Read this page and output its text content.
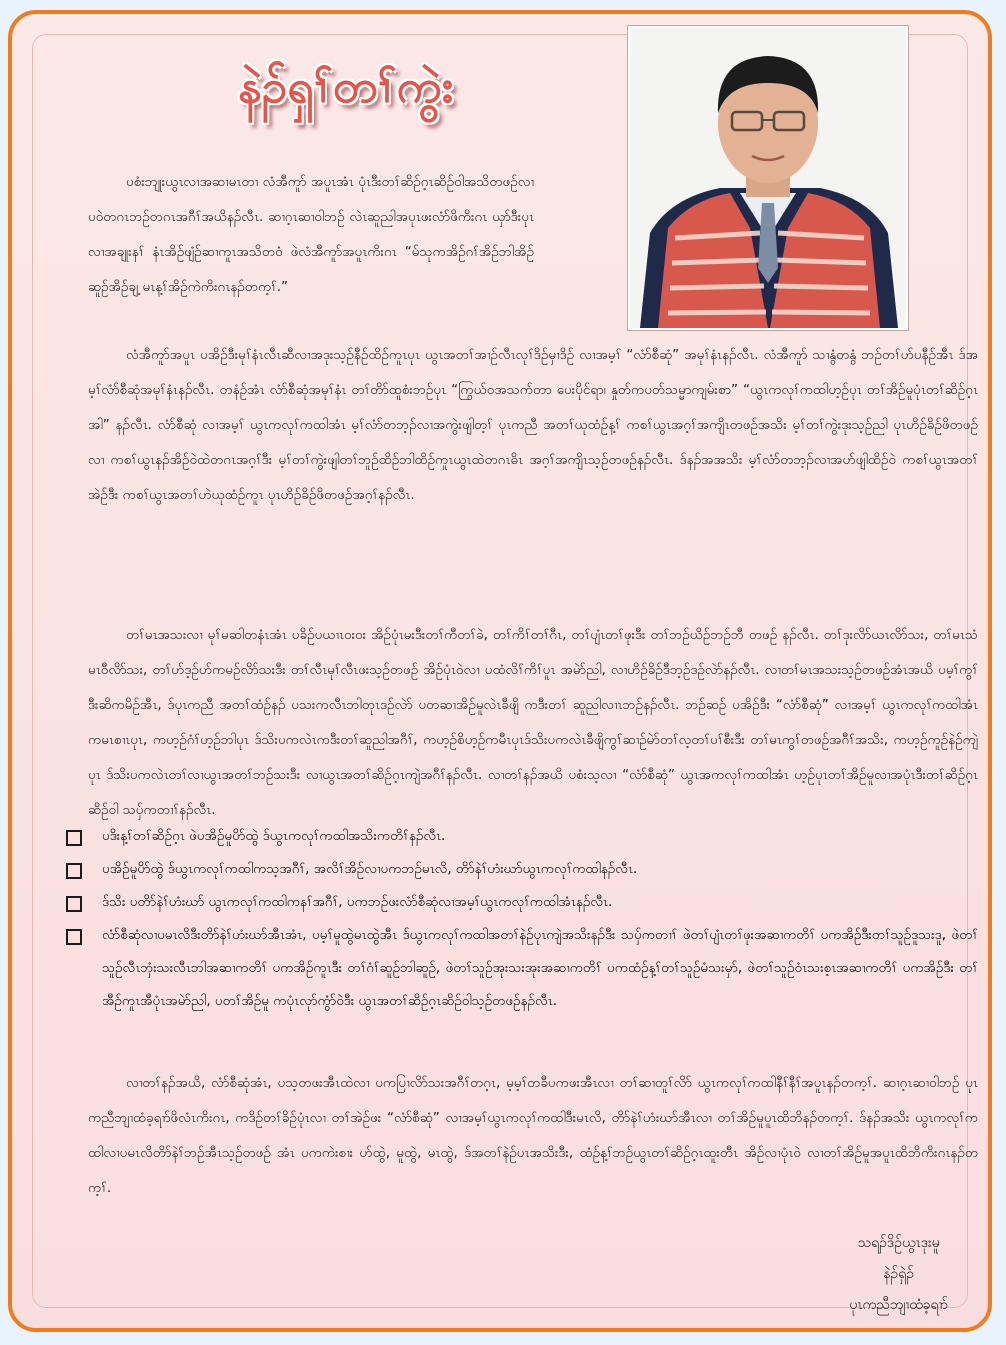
နဲၣ်ရှၢ်တၢ်ကွဲး

ပစံးဘျုးယွၤလၢအဆၢမၤတၢ လံအီကူာ် အပူၤအံၤ ပုံၤဒီးတၢ်ဆိဉ်ဂ့ၤဆိဉ်ဝါအသိတဖဉ်လၢ ပဝဲတဂၤဘဉ်တဂၤအဂီၢ်အယိနၣ်လီၤ. ဆၢဂ့ၤဆၢဝါဘဉ် လဲၤဆူညါအပုၤဖးလံာ်ဖိကိးဂၤ ယှာ်ဒီးပုၤလၢအချုးနၢ် နံၤအိဉ်ဖျံဉ်ဆၢကူၤအသိတဝံ ဖဲလံအီကူာ်အပူၤကိးဂၤ “မ်သုကအိဉ်ဂၢ်အိဉ်ဘါအိဉ်ဆူဉ်အိဉ်ချ့ မၤန့ၢ်အိဉ်ကဲကိးဂၤနၣ်တက့ၢ်.”

လံအီကူာ်အပူၤ ပအိဉ်ဒီးမုၢ်နံၤလီၤဆီလၢအဒုးသ့ဉ်နီဉ်ထိဉ်ကူၤပုၤ ယွၤအတၢ်အၢဉ်လီၤလုၢ်ဒိဉ်မှၢဒိဉ် လၢအမ့ၢ် “လံာ်စီဆုံ” အမုၢ်နံၤနၣ်လီၤ. လံအီကူာ် သၢနွံတနွံ ဘဉ်တၢ်ဟ်ပနီဉ်အီၤ ဒ်အမ့ၢ်လံာ်စီဆုံအမုၢ်နံၤနၣ်လီၤ. တနံဉ်အံၤ လံာ်စီဆုံအမုၢ်နံၤ တၢ်တိာ်ထူစံးဘဉ်ပုၤ “ကြွယ်ဝအသက်တာ ပေးပိုင်ရာ၊ နှုတ်ကပတ်သမ္မာကျမ်းစာ” “ယွၤကလုၢ်ကထါဟ့ဉ်ပုၤ တၢ်အိဉ်မူပုံၤတၢ်ဆိဉ်ဂ့ၤအါ” နၣ်လီၤ. လံာ်စီဆုံ လၢအမ့ၢ် ယွၤကလုၢ်ကထါအံၤ မ့ၢ်လံာ်တဘ့ၣ်လၢအကွဲးဖျါတ့ၢ် ပုၤကညီ အတၢ်ယုထံဉ်န့ၢ် ကစၢ်ယွၤအဂ့ၢ်အကျိၤတဖဉ်အသိး မ့ၢ်တၢ်ကွဲးဒုးသ့ဉ်ညါ ပုၤဟိဉ်ခိဉ်ဖိတဖဉ်လၢ ကစၢ်ယွၤနၣ်အိဉ်ဝဲထဲတဂၤအဂ့ၢ်ဒီး မ့ၢ်တၢ်ကွဲးဖျါတၢ်ဘူဉ်ထိဉ်ဘါထိဉ်ကူၤယွၤထဲတဂၤဓိၤ အဂ့ၢ်အကျိၤသ့ဉ်တဖဉ်နၣ်လီၤ. ဒ်နၣ်အအသိး မ့ၢ်လံာ်တဘ့ၣ်လၢအဟ်ဖျါထိဉ်ဝဲ ကစၢ်ယွၤအတၢ်အဲဉ်ဒီး ကစၢ်ယွၤအတၢ်ဟဲယုထံဉ်ကူၤ ပုၤဟိဉ်ခိဉ်ဖိတဖဉ်အဂ့ၢ်နၣ်လီၤ.

တၢ်မၤအသးလၢ မုၢ်မဆါတနံၤအံၤ ပခိဉ်ပယၢၤဝးဝး အိဉ်ပုံၤမးဒီးတၢ်ကီတၢ်ခဲ, တၢ်ကိၢ်တၢ်ဂီၤ, တၢ်ပျံၤတၢ်ဖုးဒီး တၢ်ဘဉ်ယိဉ်ဘဉ်ဘီ တဖဉ် နၣ်လီၤ. တၢ်ဒုးလိာ်ယၤလိာ်သး, တၢ်မၤသံမၤဝီလိာ်သး, တၢ်ဟ်ဒ့ဉ်ဟ်ကမဉ်လိာ်သးဒီး တၢ်လီၤမုၢ်လီၤဖးသ့ဉ်တဖဉ် အိဉ်ပုံၤဝဲလၢ ပထံလိၢ်ကိၢ်ပူၤ အမဲာ်ညါ, လၢဟိဉ်ခိဉ်ဒီဘ့ဉ်ဒဉ်လဲာ်နၣ်လီၤ. လၢတၢ်မၤအသးသ့ဉ်တဖဉ်အံၤအယိ ပမ့ၢ်ကွၢ်ဒီးဆိကမိဉ်အီၤ, ဒ်ပုၤကညီ အတၢ်ထံဉ်နၣ် ပသးကလီၤဘါတုၤဒဉ်လဲာ် ပတဆၢအိဉ်မူလဲၤခီဖျိ ကဒီးတၢ် ဆူညါလၢၤဘဉ်နၣ်လီၤ. ဘဉ်ဆဉ် ပအိဉ်ဒီး “လံာ်စီဆုံ” လၢအမ့ၢ် ယွၤကလုၢ်ကထါအံၤ ကမၤစၢၤပုၤ, ကဟ့ဉ်ဂံၢ်ဟ့ဉ်ဘါပုၤ ဒ်သိးပကလဲၤကဒီးတၢ်ဆူညါအဂီၢ်, ကဟ့ဉ်စိဟ့ဉ်ကမီၤပုၤဒ်သိးပကလဲၤခီဖျိကွၢ်ဆၢဉ်မဲာ်တၢ်လ့တၢ်ပၢ်စီးဒီး တၢ်မၤကွၢ်တဖဉ်အဂီၢ်အသိး, ကဟ့ဉ်ကူဉ်နဲဉ်ကျဲပုၤ ဒ်သိးပကလဲၤတၢ်လၢယွၤအတၢ်ဘဉ်သးဒီး လၢယွၤအတၢ်ဆိဉ်ဂ့ၤကျဲအဂီၢ်နၣ်လီၤ. လၢတၢ်နၣ်အယိ ပစံးသ့လၢ “လံာ်စီဆုံ” ယွၤအကလုၢ်ကထါအံၤ ဟ့ဉ်ပုၤတၢ်အိဉ်မူလၢအပုံၤဒီးတၢ်ဆိဉ်ဂ့ၤဆိဉ်ဝါ သပှ်ကတၢၢ်နၣ်လီၤ.

ပဒိးန့ၢ်တၢ်ဆိဉ်ဂ့ၤ ဖဲပအိဉ်မူပိာ်ထွဲ ဒ်ယွၤကလုၢ်ကထါအသိးကတိၢ်နၣ်လီၤ.
ပအိဉ်မူပိာ်ထွဲ ဒ်ယွၤကလုၢ်ကထါကသ့အဂီၢ်, အလိၢ်အိဉ်လၢပကဘဉ်မၤလိ, တိာ်နဲၢ်ဟံးဃာ်ယွၤကလုၢ်ကထါနၣ်လီၤ.
ဒ်သိး ပတိာ်နဲၢ်ဟံးဃာ် ယွၤကလုၢ်ကထါကနၢ်အဂီၢ်, ပကဘဉ်ဖးလံာ်စီဆုံလၢအမ့ၢ်ယွၤကလုၢ်ကထါအံၤနၣ်လီၤ.
လံာ်စီဆုံလၢပမၤလိဒီးတိာ်နဲၢ်ဟံးဃာ်အီၤအံၤ, ပမ့ၢ်မူထွဲမၤထွဲအီၤ ဒ်ယွၤကလုၢ်ကထါအတၢ်နဲဉ်ပုၤကျဲအသိးနၣ်ဒီး သပှ်ကတၢၢ် ဖဲတၢ်ပျံၤတၢ်ဖုးအဆၢကတိၢ် ပကအိဉ်ဒီးတၢ်သူဉ်ဒူသးဒူ, ဖဲတၢ်သူဉ်လီၤဘှံးသးလီၤဘါအဆၢကတိၢ် ပကအိဉ်ကူၤဒီး တၢ်ဂံၢ်ဆူဉ်ဘါဆူဉ်, ဖဲတၢ်သူဉ်အုးသးအုးအဆၢကတိၢ် ပကထံဉ်န့ၢ်တၢ်သူဉ်မံသးမှာ်, ဖဲတၢ်သူဉ်ဝံၤသးစ့ၤအဆၢကတိၢ် ပကအိဉ်ဒီး တၢ်အီဉ်ကူၤအီပုံၤအမဲာ်ညါ, ပတၢ်အိဉ်မူ ကပုံၤလုာ်ကွံာ်ဝဲဒီး ယွၤအတၢ်ဆိဉ်ဂ့ၤဆိဉ်ဝါသ့ဉ်တဖဉ်နၣ်လီၤ.

လၢတၢ်နၣ်အယိ, လံာ်စီဆုံအံၤ, ပသ့တဖးအီၤထဲလၢ ပကပြၢလိာ်သးအဂီၢ်တဂ့ၤ, မ့မ့ၢ်တခီပကဖးအီၤလၢ တၢ်ဆၢတူၢ်လိာ် ယွၤကလုၢ်ကထါနီၢ်နီၢ်အပူၤနၣ်တက့ၢ်. ဆၢဂ့ၤဆၢဝါဘဉ် ပုၤကညီဘျၢထံခ့ရၢာ်ဖိလံၤကိးဂၤ, ကဒိဉ်တၢ်ခိဉ်ပုံၤလၢ တၢ်အဲဉ်ဖး “လံာ်စီဆုံ” လၢအမ့ၢ်ယွၤကလုၢ်ကထါဒီးမၤလိ, တိာ်နဲၢ်ဟံးဃာ်အီၤလၢ တၢ်အိဉ်မူပူၤထိဘိနၣ်တက့ၢ်. ဒ်နၣ်အသိး ယွၤကလုၢ်ကထါလၢပမၤလိတိာ်နဲၢ်ဘဉ်အီၤသ့ဉ်တဖဉ် အံၤ ပကကဲးစၢး ဟ်ထွဲ, မူထွဲ, မၤထွဲ, ဒ်အတၢ်နဲဉ်ပၤအသိးဒီး, ထံဉ်န့ၢ်ဘဉ်ယွၤတၢ်ဆိဉ်ဂ့ၤထူးတီၤ အိဉ်လၢပုံၤဝဲ လၢတၢ်အိဉ်မူအပူၤထိဘိကိးဂၤနၣ်တက့ၢ်.

သရၣ်ဒိဉ်ယွၤဒုးမူ
နဲၣ်ရှဲၣ်
ပုၤကညီဘျၢထံခ့ရၢာ်
